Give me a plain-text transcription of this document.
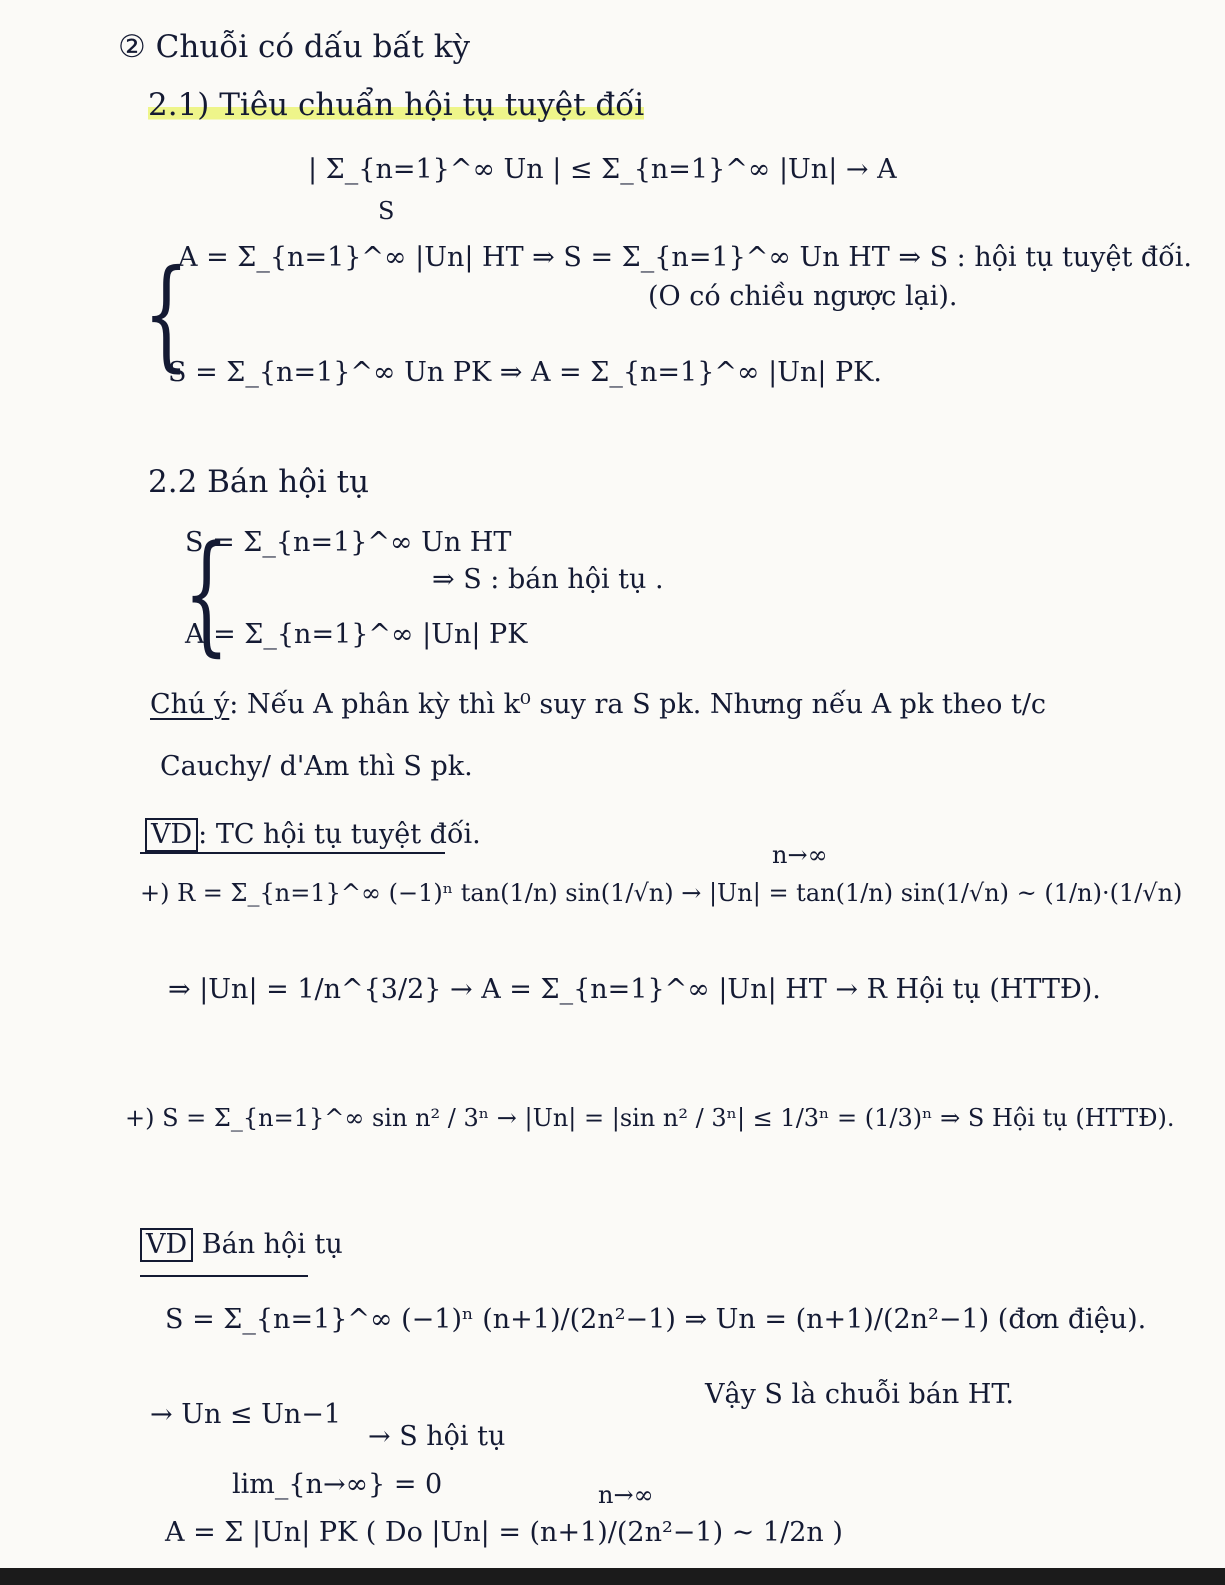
② Chuỗi có dấu bất kỳ
2.1) Tiêu chuẩn hội tụ tuyệt đối
| Σ_{n=1}^∞ Un | ≤ Σ_{n=1}^∞ |Un| → A
S
{
A = Σ_{n=1}^∞ |Un| HT ⇒ S = Σ_{n=1}^∞ Un HT ⇒ S : hội tụ tuyệt đối.
(O có chiều ngược lại).
S = Σ_{n=1}^∞ Un PK ⇒ A = Σ_{n=1}^∞ |Un| PK.
2.2 Bán hội tụ
{
S = Σ_{n=1}^∞ Un HT
⇒ S : bán hội tụ .
A = Σ_{n=1}^∞ |Un| PK
Chú ý: Nếu A phân kỳ thì k⁰ suy ra S pk. Nhưng nếu A pk theo t/c
Cauchy/ d'Am thì S pk.
VD : TC hội tụ tuyệt đối.
n→∞
+) R = Σ_{n=1}^∞ (−1)ⁿ tan(1/n) sin(1/√n) → |Un| = tan(1/n) sin(1/√n) ~ (1/n)·(1/√n)
⇒ |Un| = 1/n^{3/2} → A = Σ_{n=1}^∞ |Un| HT → R Hội tụ (HTTĐ).
+) S = Σ_{n=1}^∞ sin n² / 3ⁿ → |Un| = |sin n² / 3ⁿ| ≤ 1/3ⁿ = (1/3)ⁿ ⇒ S Hội tụ (HTTĐ).
VD Bán hội tụ
S = Σ_{n=1}^∞ (−1)ⁿ (n+1)/(2n²−1) ⇒ Un = (n+1)/(2n²−1) (đơn điệu).
→ Un ≤ Un−1
→ S hội tụ
Vậy S là chuỗi bán HT.
lim_{n→∞} = 0	n→∞
A = Σ |Un| PK ( Do |Un| = (n+1)/(2n²−1) ~ 1/2n )
